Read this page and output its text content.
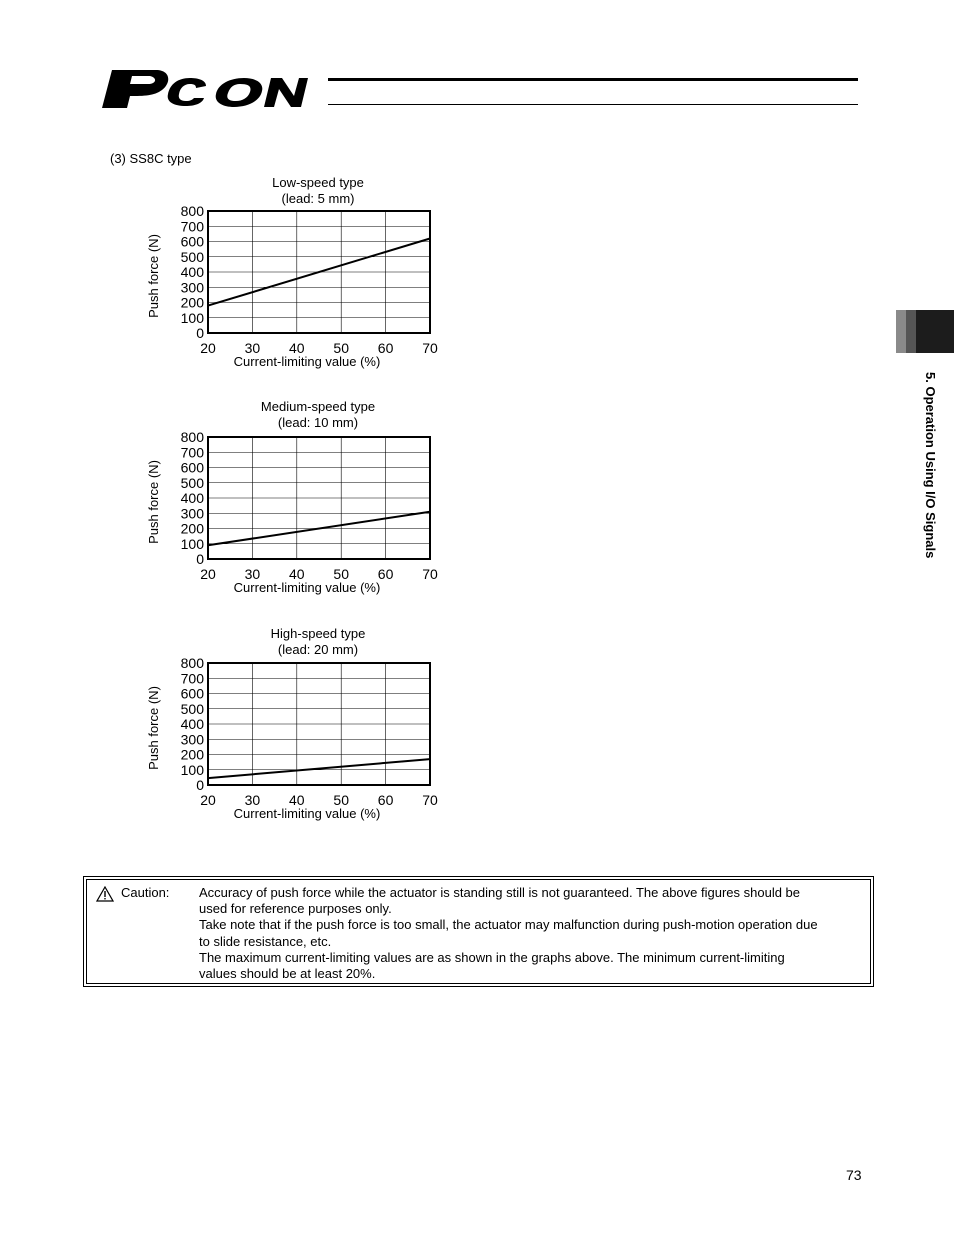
PCON
(3) SS8C type
Low-speed type
(lead: 5 mm)
0
100
200
300
400
500
600
700
800
20 30 40 50 60 70
Current-limiting value (%)
Push force (N)
Medium-speed type
(lead: 10 mm)
0
100
200
300
400
500
600
700
800
20 30 40 50 60 70
Current-limiting value (%)
Push force (N)
High-speed type
(lead: 20 mm)
0
100
200
300
400
500
600
700
800
20 30 40 50 60 70
Current-limiting value (%)
Push force (N)
5. Operation Using I/O Signals
Caution: Accuracy of push force while the actuator is standing still is not guaranteed. The above figures should be

used for reference purposes only.

Take note that if the push force is too small, the actuator may malfunction during push-motion operation due

to slide resistance, etc.

The maximum current-limiting values are as shown in the graphs above. The minimum current-limiting

values should be at least 20%.

73
